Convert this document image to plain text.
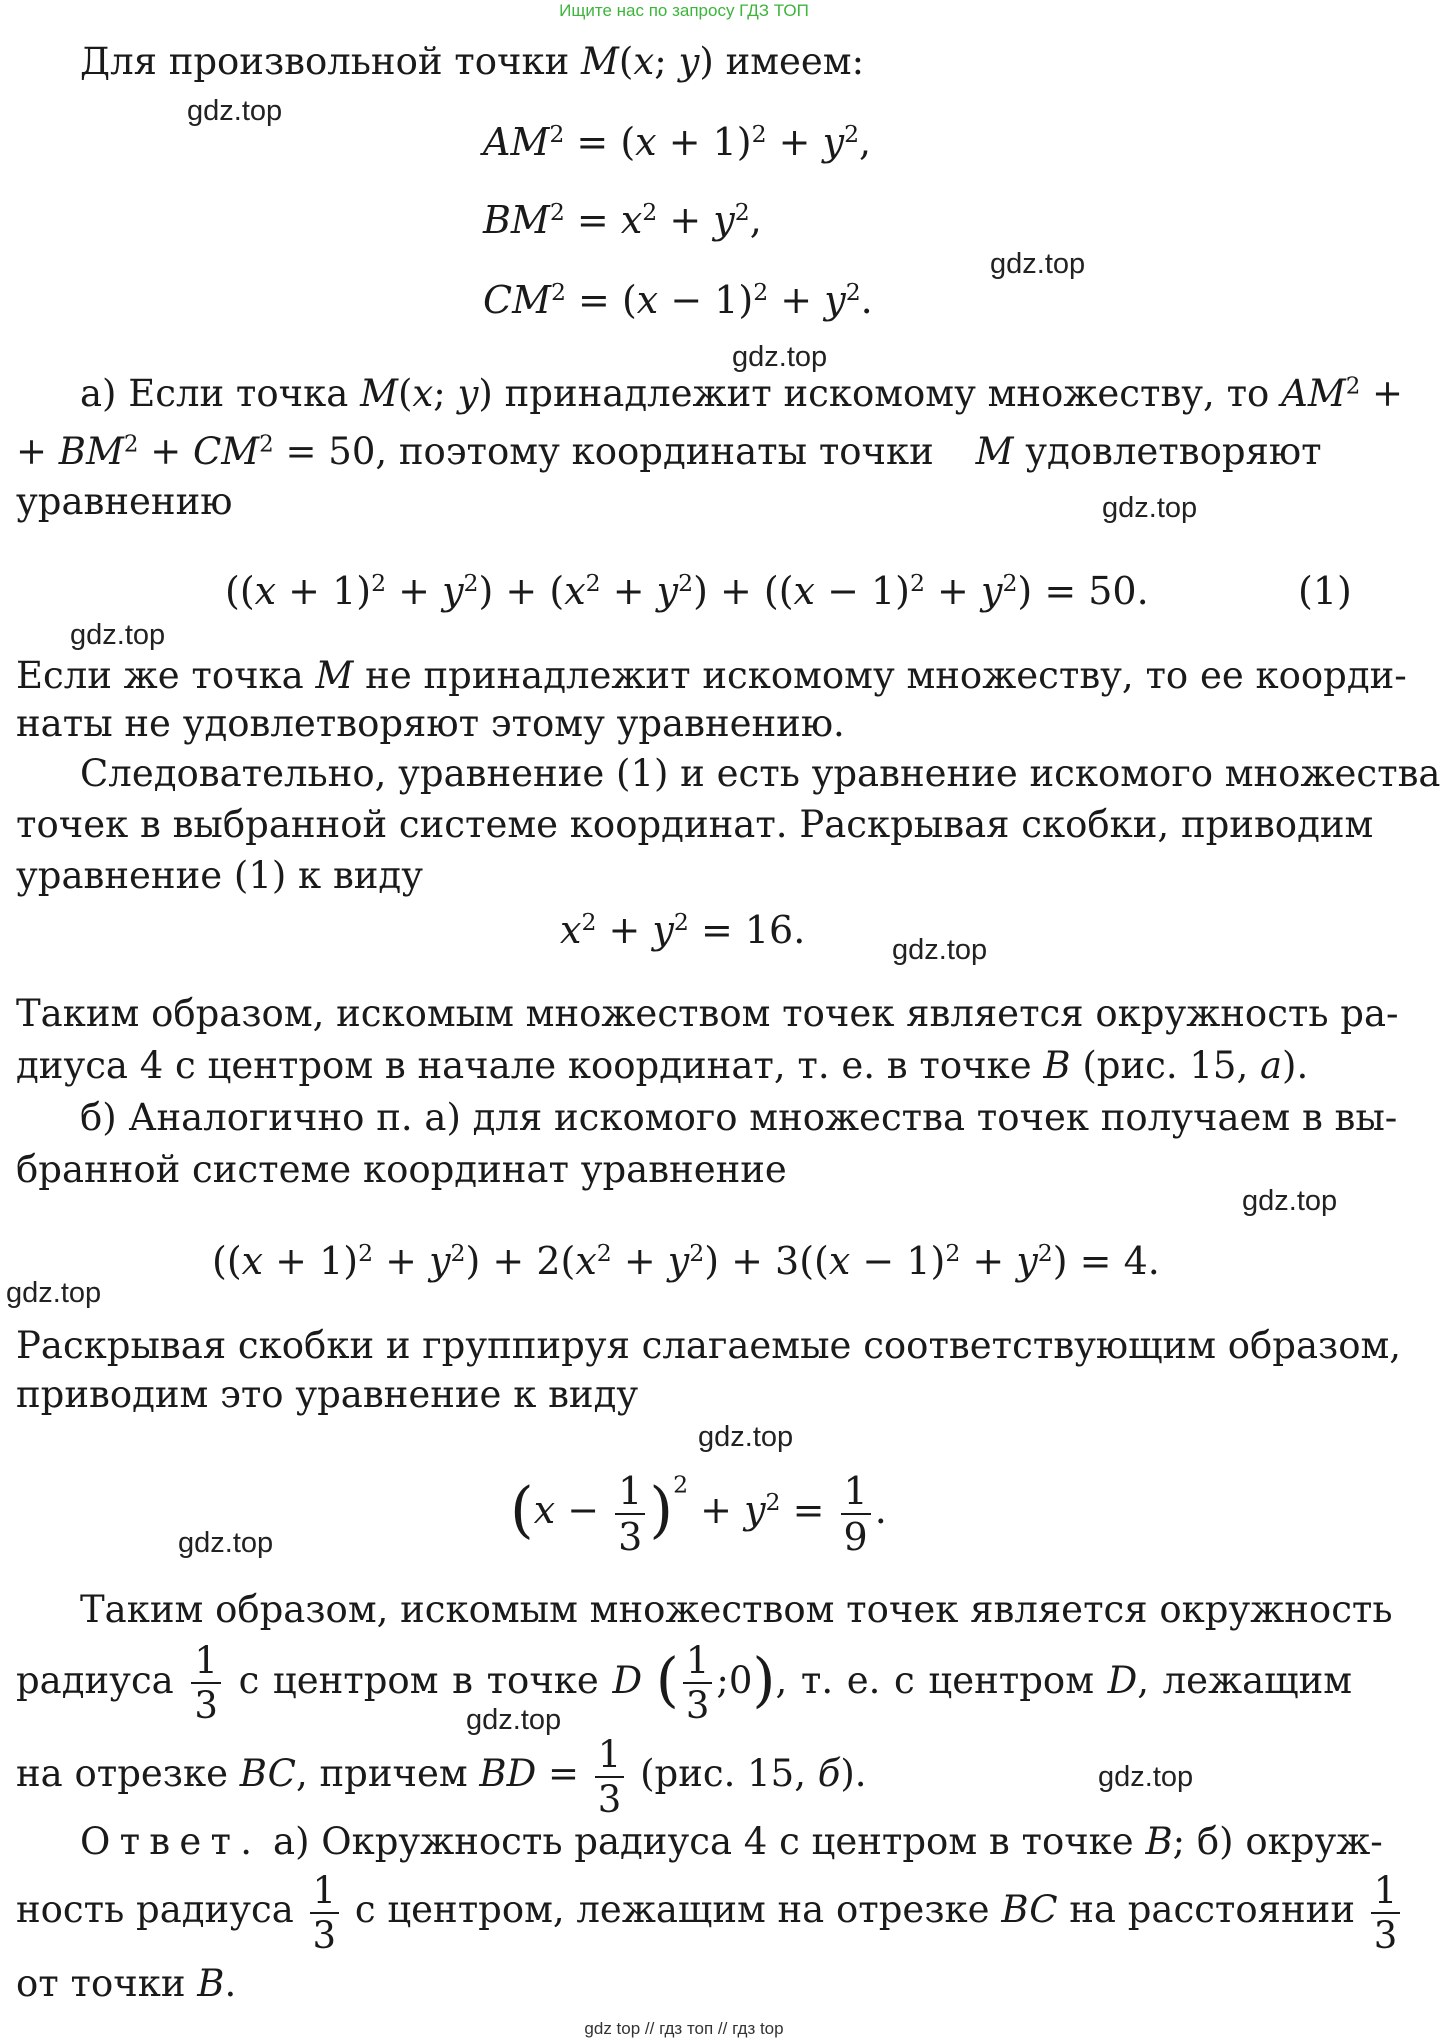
Ищите нас по запросу ГДЗ ТОП
Для произвольной точки M(x; y) имеем:
gdz.top
$AM^2 = (x + 1)^2 + y^2$,
$BM^2 = x^2 + y^2$,
gdz.top
$CM^2 = (x - 1)^2 + y^2$.
gdz.top
а) Если точка M(x; y) принадлежит искомому множеству, то $AM^2$ +
+ $BM^2 + CM^2 = 50$, поэтому координаты точки M удовлетворяют
уравнению	gdz.top
$((x + 1)^2 + y^2) + (x^2 + y^2) + ((x - 1)^2 + y^2) = 50$.	(1)
gdz.top
Если же точка M не принадлежит искомому множеству, то ее коорди-
наты не удовлетворяют этому уравнению.
Следовательно, уравнение (1) и есть уравнение искомого множества
точек в выбранной системе координат. Раскрывая скобки, приводим
уравнение (1) к виду
$x^2 + y^2 = 16$.	gdz.top
Таким образом, искомым множеством точек является окружность ра-
диуса 4 с центром в начале координат, т. е. в точке B (рис. 15, а).
б) Аналогично п. а) для искомого множества точек получаем в вы-
бранной системе координат уравнение
gdz.top
$((x + 1)^2 + y^2) + 2(x^2 + y^2) + 3((x - 1)^2 + y^2) = 4$.
gdz.top
Раскрывая скобки и группируя слагаемые соответствующим образом,
приводим это уравнение к виду
gdz.top
$(x - \frac{1}{3} )^2 + y^2 = \frac{1}{9}$ .
gdz.top
Таким образом, искомым множеством точек является окружность
радиуса $\frac{1}{3}$ с центром в точке D ( $\frac{1}{3}$ ;0), т. е. с центром D, лежащим
gdz.top
на отрезке BC, причем BD = $\frac{1}{3} (рис$. 15, б).	gdz.top
Ответ. а) Окружность радиуса 4 с центром в точке B; б) окруж-
ность радиуса $\frac{1}{3}$ с центром, лежащим на отрезке BC на расстоянии $\frac{1}{3}$
от точки B.
gdz top // гдз топ // гдз top
